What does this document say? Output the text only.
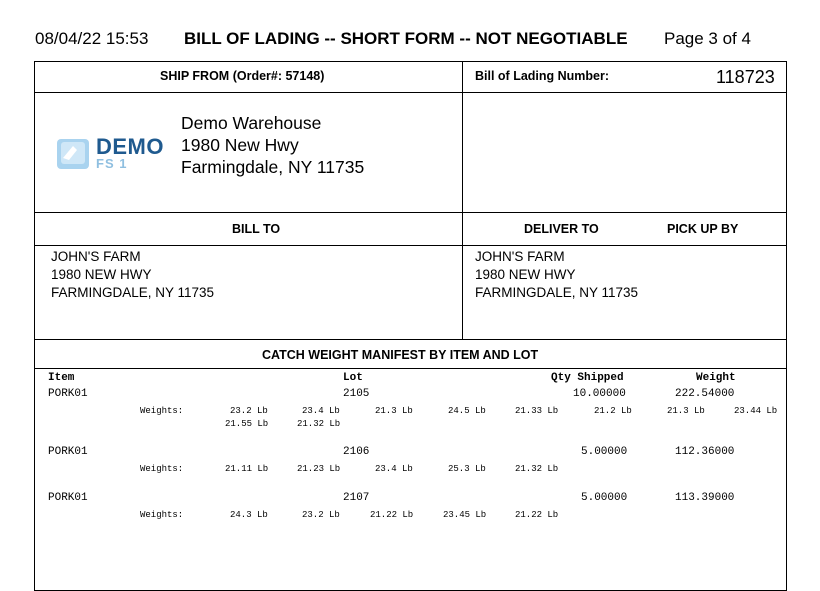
08/04/22 15:53 BILL OF LADING -- SHORT FORM -- NOT NEGOTIABLE Page 3 of 4
SHIP FROM (Order#: 57148)	Bill of Lading Number:	118723
DEMO
FS 1
Demo Warehouse
1980 New Hwy
Farmingdale, NY 11735
BILL TO	DELIVER TO	PICK UP BY
JOHN'S FARM
1980 NEW HWY
FARMINGDALE, NY 11735
JOHN'S FARM
1980 NEW HWY
FARMINGDALE, NY 11735
CATCH WEIGHT MANIFEST BY ITEM AND LOT
Item	Lot	Qty Shipped	Weight
PORK01	2105	10.00000	222.54000
Weights:	23.2 Lb	23.4 Lb	21.3 Lb	24.5 Lb	21.33 Lb	21.2 Lb	21.3 Lb	23.44 Lb
21.55 Lb	21.32 Lb
PORK01	2106	5.00000	112.36000
Weights:	21.11 Lb	21.23 Lb	23.4 Lb	25.3 Lb	21.32 Lb
PORK01	2107	5.00000	113.39000
Weights:	24.3 Lb	23.2 Lb	21.22 Lb	23.45 Lb	21.22 Lb
